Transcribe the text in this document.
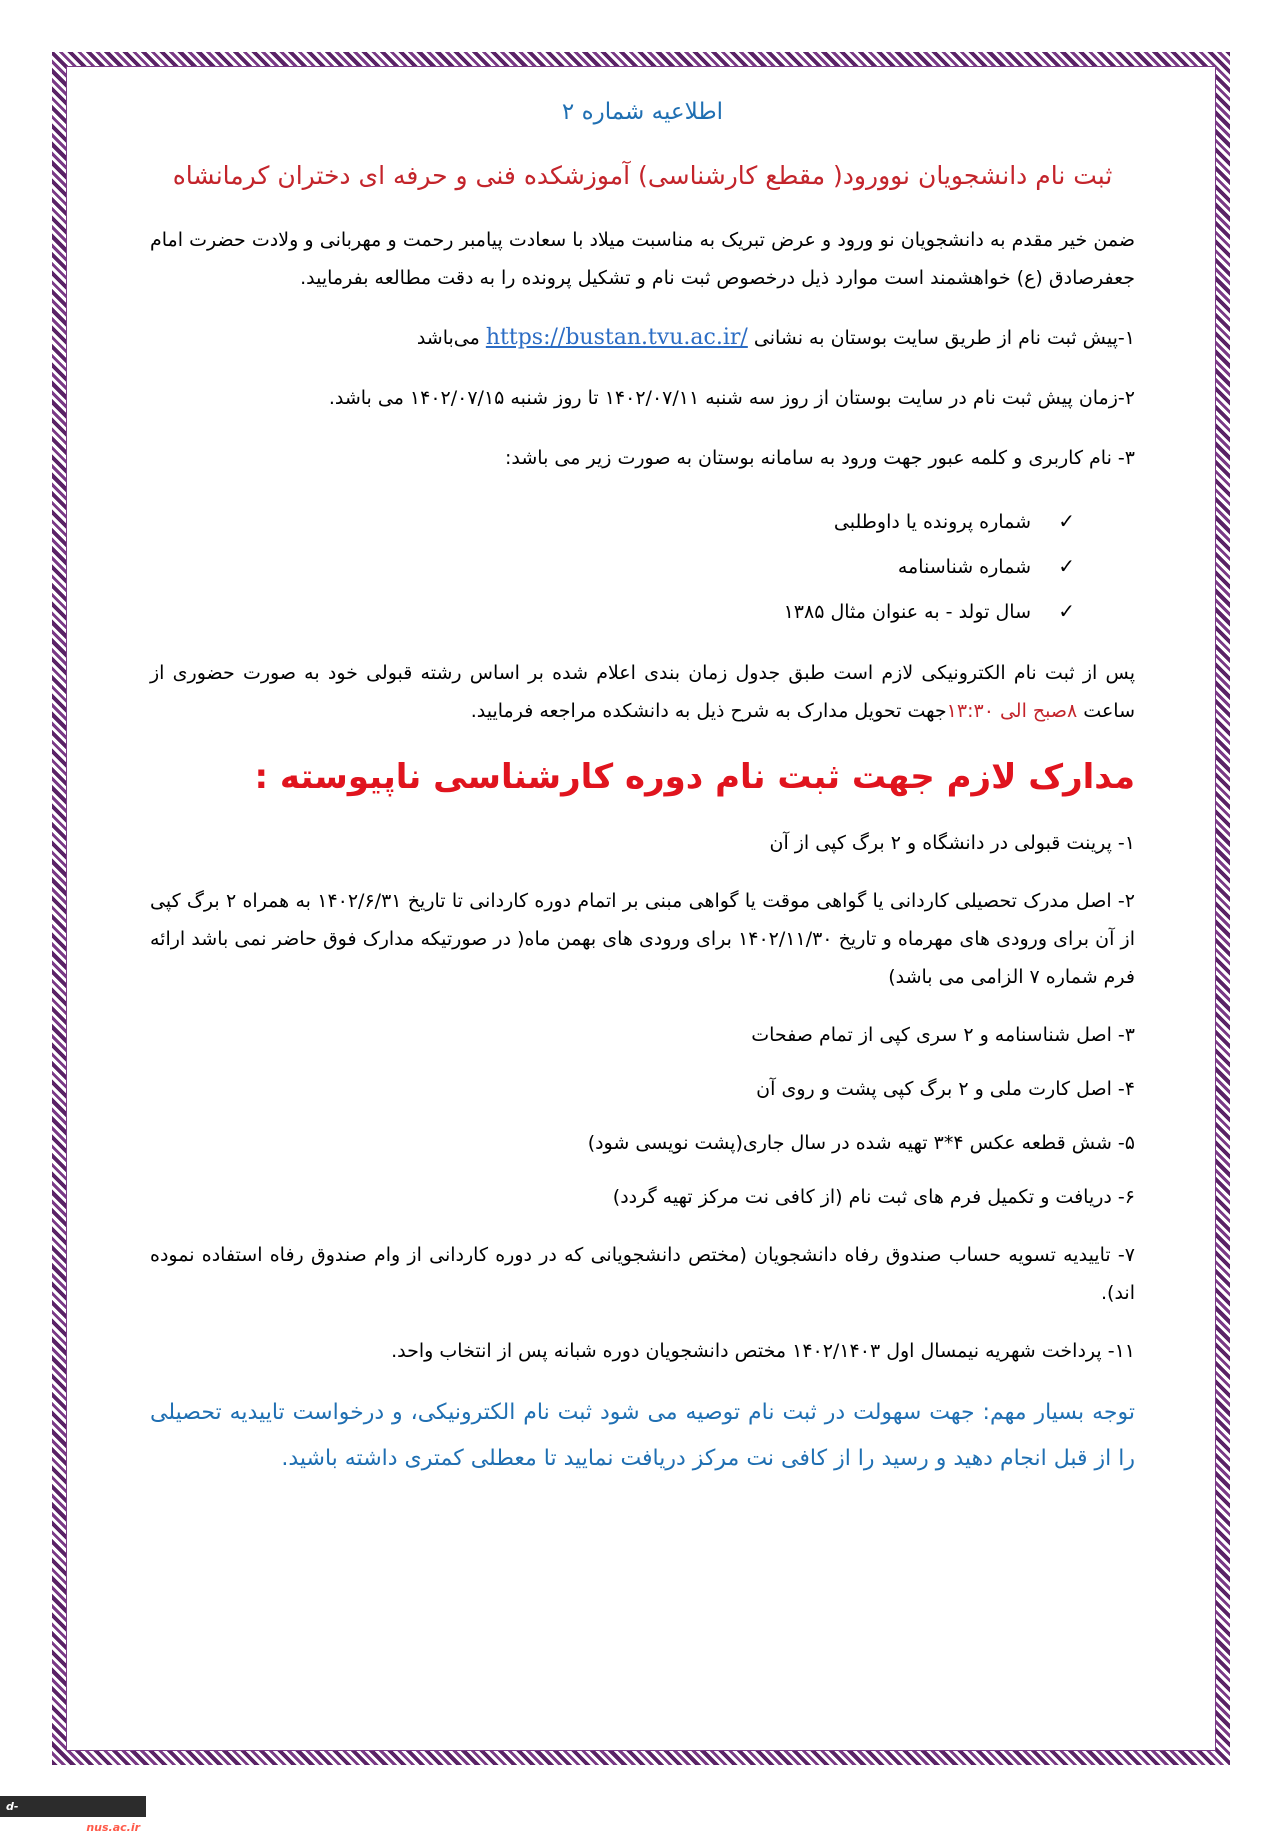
اطلاعیه شماره ۲
ثبت نام دانشجویان نوورود( مقطع کارشناسی) آموزشکده فنی و حرفه ای دختران کرمانشاه

ضمن خیر مقدم به دانشجویان نو ورود و عرض تبریک به مناسبت میلاد با سعادت پیامبر رحمت و مهربانی و ولادت حضرت امام جعفرصادق (ع) خواهشمند است موارد ذیل درخصوص ثبت نام و تشکیل پرونده را به دقت مطالعه بفرمایید.

۱-پیش ثبت نام از طریق سایت بوستان به نشانی https://bustan.tvu.ac.ir/ می‌باشد

۲-زمان پیش ثبت نام در سایت بوستان از روز سه شنبه ۱۴۰۲/۰۷/۱۱ تا روز شنبه ۱۴۰۲/۰۷/۱۵ می باشد.

۳- نام کاربری و کلمه عبور جهت ورود به سامانه بوستان به صورت زیر می باشد:

✓شماره پرونده یا داوطلبی
✓شماره شناسنامه
✓سال تولد - به عنوان مثال ۱۳۸۵

پس از ثبت نام الکترونیکی لازم است طبق جدول زمان بندی اعلام شده بر اساس رشته قبولی خود به صورت حضوری از ساعت ۸صبح الی ۱۳:۳۰جهت تحویل مدارک به شرح ذیل به دانشکده مراجعه فرمایید.

مدارک لازم جهت ثبت نام دوره کارشناسی ناپیوسته :

۱- پرینت قبولی در دانشگاه و ۲ برگ کپی از آن

۲- اصل مدرک تحصیلی کاردانی یا گواهی موقت یا گواهی مبنی بر اتمام دوره کاردانی تا تاریخ ۱۴۰۲/۶/۳۱ به همراه ۲ برگ کپی از آن برای ورودی های مهرماه و تاریخ ۱۴۰۲/۱۱/۳۰ برای ورودی های بهمن ماه( در صورتیکه مدارک فوق حاضر نمی باشد ارائه فرم شماره ۷ الزامی می باشد)

۳- اصل شناسنامه و ۲ سری کپی از تمام صفحات

۴- اصل کارت ملی و ۲ برگ کپی پشت و روی آن

۵- شش قطعه عکس ۴*۳ تهیه شده در سال جاری(پشت نویسی شود)

۶- دریافت و تکمیل فرم های ثبت نام (از کافی نت مرکز تهیه گردد)

۷- تاییدیه تسویه حساب صندوق رفاه دانشجویان (مختص دانشجویانی که در دوره کاردانی از وام صندوق رفاه استفاده نموده اند).

۱۱- پرداخت شهریه نیمسال اول ۱۴۰۲/۱۴۰۳ مختص دانشجویان دوره شبانه پس از انتخاب واحد.

توجه بسیار مهم: جهت سهولت در ثبت نام توصیه می شود ثبت نام الکترونیکی، و درخواست تاییدیه تحصیلی را از قبل انجام دهید و رسید را از کافی نت مرکز دریافت نمایید تا معطلی کمتری داشته باشید.

d-kermanshah.nus.ac.ir
